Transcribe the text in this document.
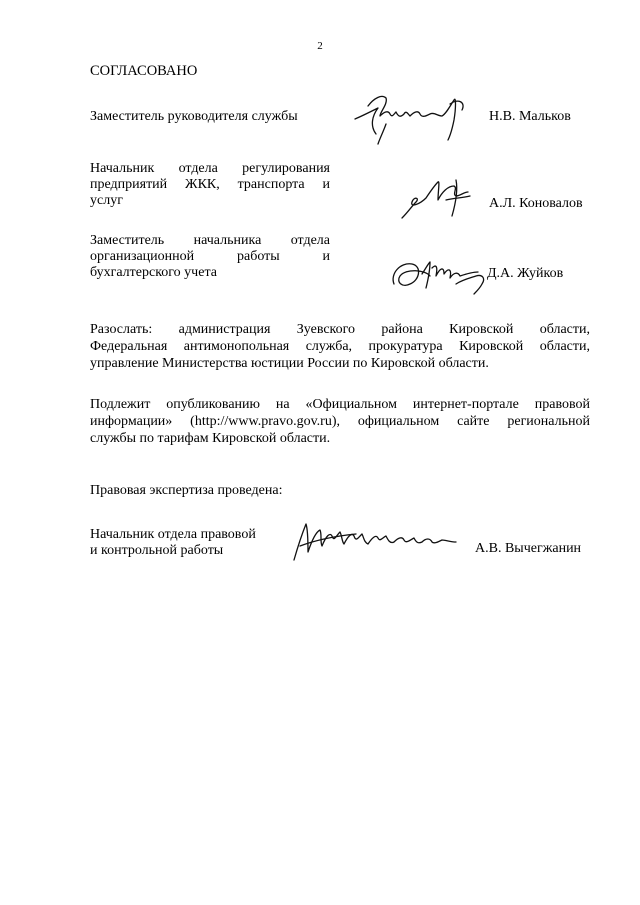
2
СОГЛАСОВАНО

Заместитель руководителя службы	Н.В. Мальков

Начальник отдела регулирования

предприятий ЖКК, транспорта и

услуг	А.Л. Коновалов

Заместитель начальника отдела

организационной работы и

бухгалтерского учета	Д.А. Жуйков

Разослать: администрация Зуевского района Кировской области,

Федеральная антимонопольная служба, прокуратура Кировской области,

управление Министерства юстиции России по Кировской области.

Подлежит опубликованию на «Официальном интернет-портале правовой

информации» (http://www.pravo.gov.ru), официальном сайте региональной

службы по тарифам Кировской области.

Правовая экспертиза проведена:

Начальник отдела правовой

и контрольной работы	А.В. Вычегжанин
